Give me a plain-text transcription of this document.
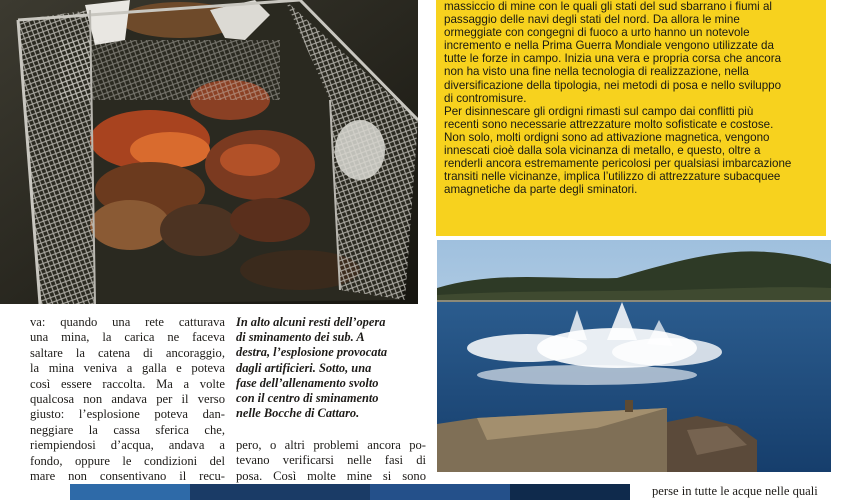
massiccio di mine con le quali gli stati del sud sbarrano i fiumi al

passaggio delle navi degli stati del nord. Da allora le mine

ormeggiate con congegni di fuoco a urto hanno un notevole

incremento e nella Prima Guerra Mondiale vengono utilizzate da

tutte le forze in campo. Inizia una vera e propria corsa che ancora

non ha visto una fine nella tecnologia di realizzazione, nella

diversificazione della tipologia, nei metodi di posa e nello sviluppo

di contromisure.

Per disinnescare gli ordigni rimasti sul campo dai conflitti più

recenti sono necessarie attrezzature molto sofisticate e costose.

Non solo, molti ordigni sono ad attivazione magnetica, vengono

innescati cioè dalla sola vicinanza di metallo, e questo, oltre a

renderli ancora estremamente pericolosi per qualsiasi imbarcazione

transiti nelle vicinanze, implica l’utilizzo di attrezzature subacquee

amagnetiche da parte degli sminatori.

va: quando una rete catturava

una mina, la carica ne faceva

saltare la catena di ancoraggio,

la mina veniva a galla e poteva

così essere raccolta. Ma a volte

qualcosa non andava per il verso

giusto: l’esplosione poteva dan-

neggiare la cassa sferica che,

riempiendosi d’acqua, andava a

fondo, oppure le condizioni del

mare non consentivano il recu-

In alto alcuni resti dell’opera

di sminamento dei sub. A

destra, l’esplosione provocata

dagli artificieri. Sotto, una

fase dell’allenamento svolto

con il centro di sminamento

nelle Bocche di Cattaro.

pero, o altri problemi ancora po-

tevano verificarsi nelle fasi di

posa. Così molte mine si sono

perse in tutte le acque nelle quali
